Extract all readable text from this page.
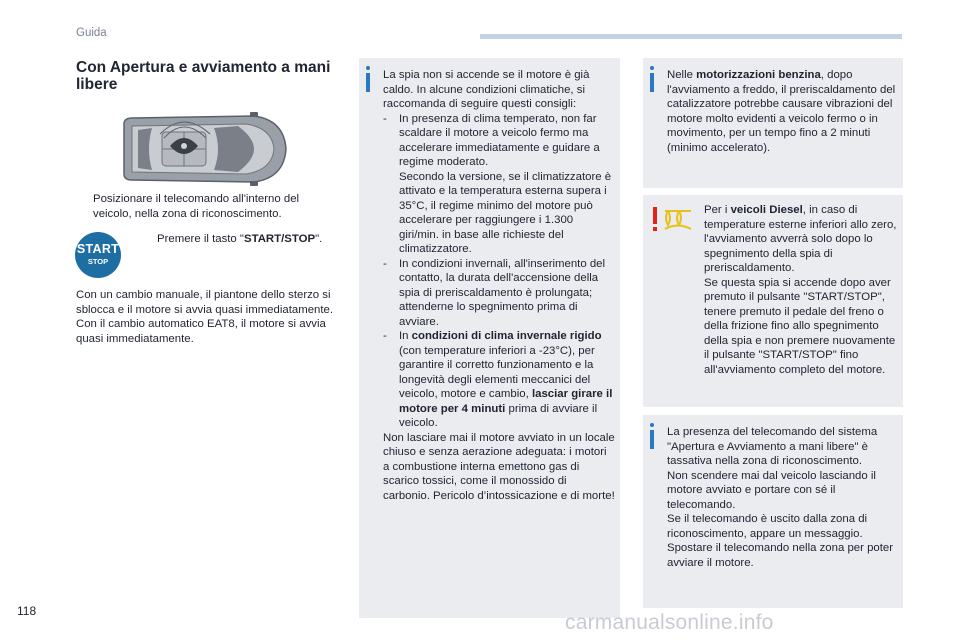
Guida
Con Apertura e avviamento a mani libere
Posizionare il telecomando all'interno del veicolo, nella zona di riconoscimento.
START
STOP
Premere il tasto "START/STOP".
Con un cambio manuale, il piantone dello sterzo si sblocca e il motore si avvia quasi immediatamente.
Con il cambio automatico EAT8, il motore si avvia quasi immediatamente.
La spia non si accende se il motore è già caldo. In alcune condizioni climatiche, si raccomanda di seguire questi consigli:
- In presenza di clima temperato, non far scaldare il motore a veicolo fermo ma accelerare immediatamente e guidare a regime moderato.
Secondo la versione, se il climatizzatore è attivato e la temperatura esterna supera i 35°C, il regime minimo del motore può accelerare per raggiungere i 1.300 giri/min. in base alle richieste del climatizzatore.
- In condizioni invernali, all'inserimento del contatto, la durata dell'accensione della spia di preriscaldamento è prolungata; attenderne lo spegnimento prima di avviare.
- In condizioni di clima invernale rigido (con temperature inferiori a -23°C), per garantire il corretto funzionamento e la longevità degli elementi meccanici del veicolo, motore e cambio, lasciar girare il motore per 4 minuti prima di avviare il veicolo.
Non lasciare mai il motore avviato in un locale chiuso e senza aerazione adeguata: i motori a combustione interna emettono gas di scarico tossici, come il monossido di carbonio. Pericolo d’intossicazione e di morte!
Nelle motorizzazioni benzina, dopo l'avviamento a freddo, il preriscaldamento del catalizzatore potrebbe causare vibrazioni del motore molto evidenti a veicolo fermo o in movimento, per un tempo fino a 2 minuti (minimo accelerato).
Per i veicoli Diesel, in caso di temperature esterne inferiori allo zero, l'avviamento avverrà solo dopo lo spegnimento della spia di preriscaldamento.
Se questa spia si accende dopo aver premuto il pulsante "START/STOP", tenere premuto il pedale del freno o della frizione fino allo spegnimento della spia e non premere nuovamente il pulsante "START/STOP" fino all'avviamento completo del motore.
La presenza del telecomando del sistema "Apertura e Avviamento a mani libere" è tassativa nella zona di riconoscimento.
Non scendere mai dal veicolo lasciando il motore avviato e portare con sé il telecomando.
Se il telecomando è uscito dalla zona di riconoscimento, appare un messaggio. Spostare il telecomando nella zona per poter avviare il motore.
118	carmanualsonline.info
